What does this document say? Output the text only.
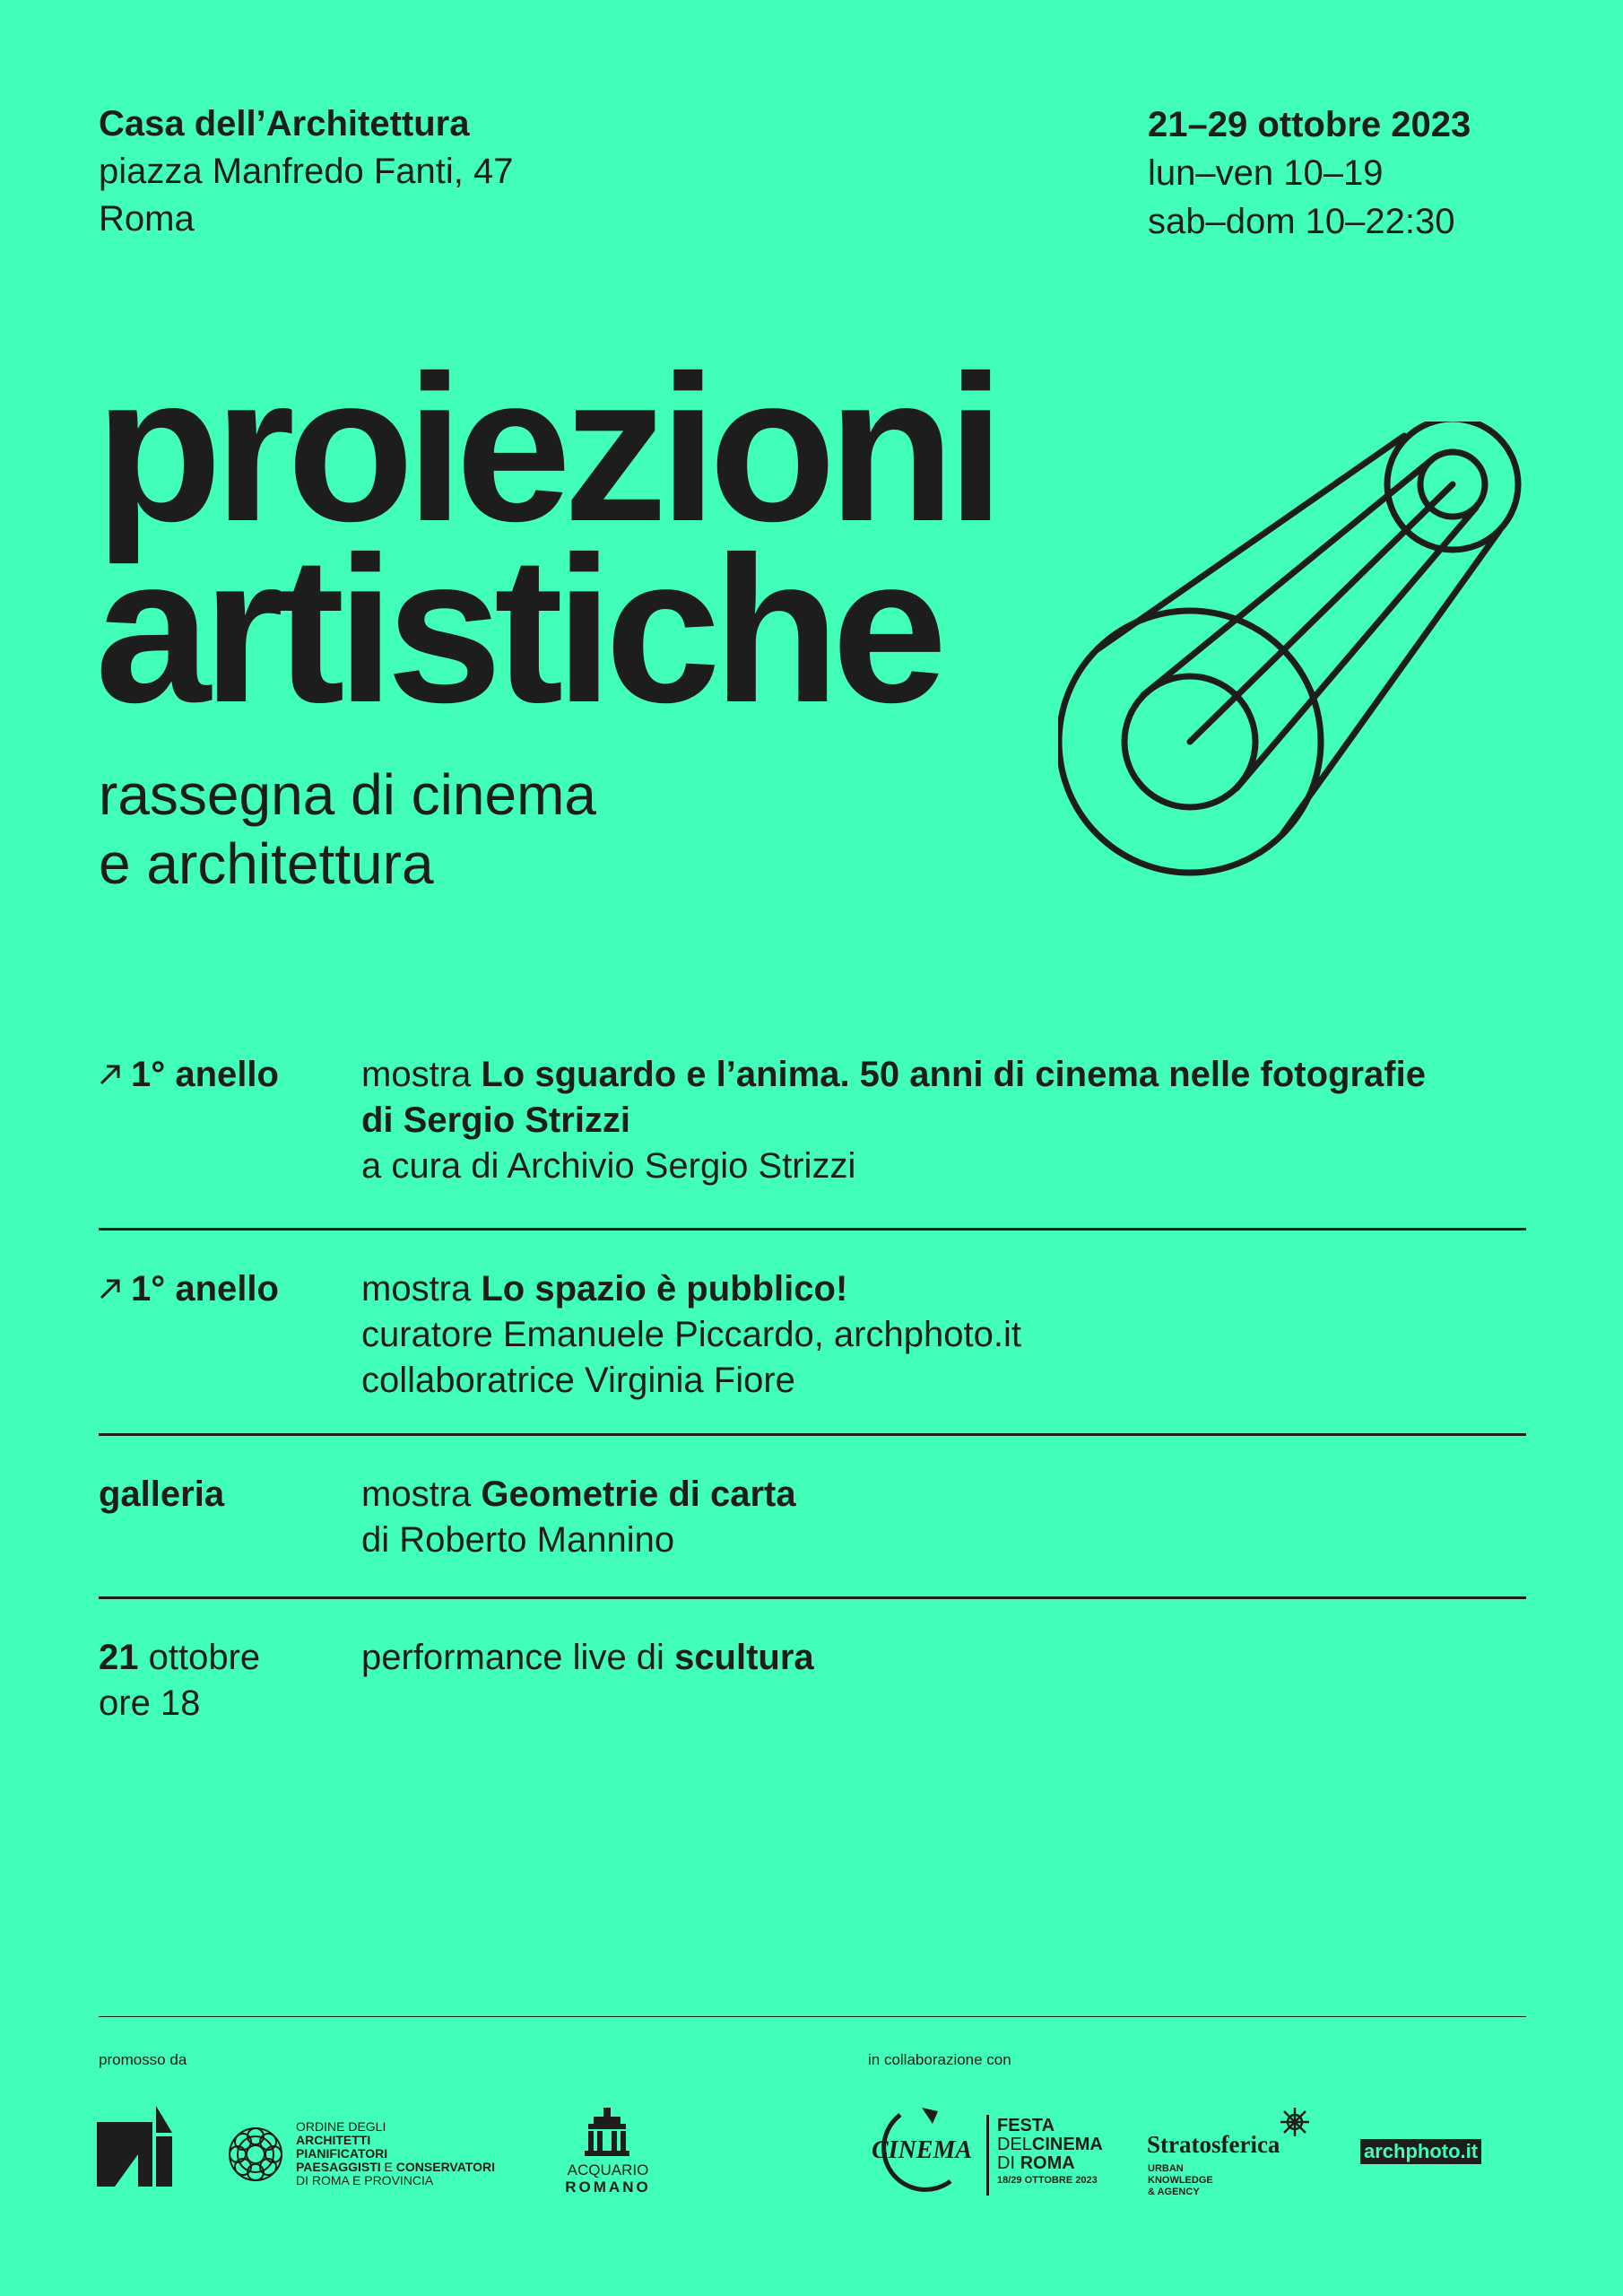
Casa dell’Architettura
piazza Manfredo Fanti, 47
Roma
21–29 ottobre 2023
lun–ven 10–19
sab–dom 10–22:30
proiezioni
artistiche
rassegna di cinema
e architettura
1° anello mostra Lo sguardo e l’anima. 50 anni di cinema nelle fotografie
di Sergio Strizzi
a cura di Archivio Sergio Strizzi
1° anello mostra Lo spazio è pubblico!
curatore Emanuele Piccardo, archphoto.it
collaboratrice Virginia Fiore
galleria	mostra Geometrie di carta
di Roberto Mannino
21 ottobre
ore 18
performance live di scultura
promosso da	in collaborazione con
ORDINE DEGLI
ARCHITETTI
PIANIFICATORI
PAESAGGISTI E CONSERVATORI
DI ROMA E PROVINCIA
ACQUARIO
ROMANO
CINEMA
FESTA
DELCINEMA
DI ROMA
18/29 OTTOBRE 2023
Stratosferica
URBAN
KNOWLEDGE
& AGENCY
archphoto.it
